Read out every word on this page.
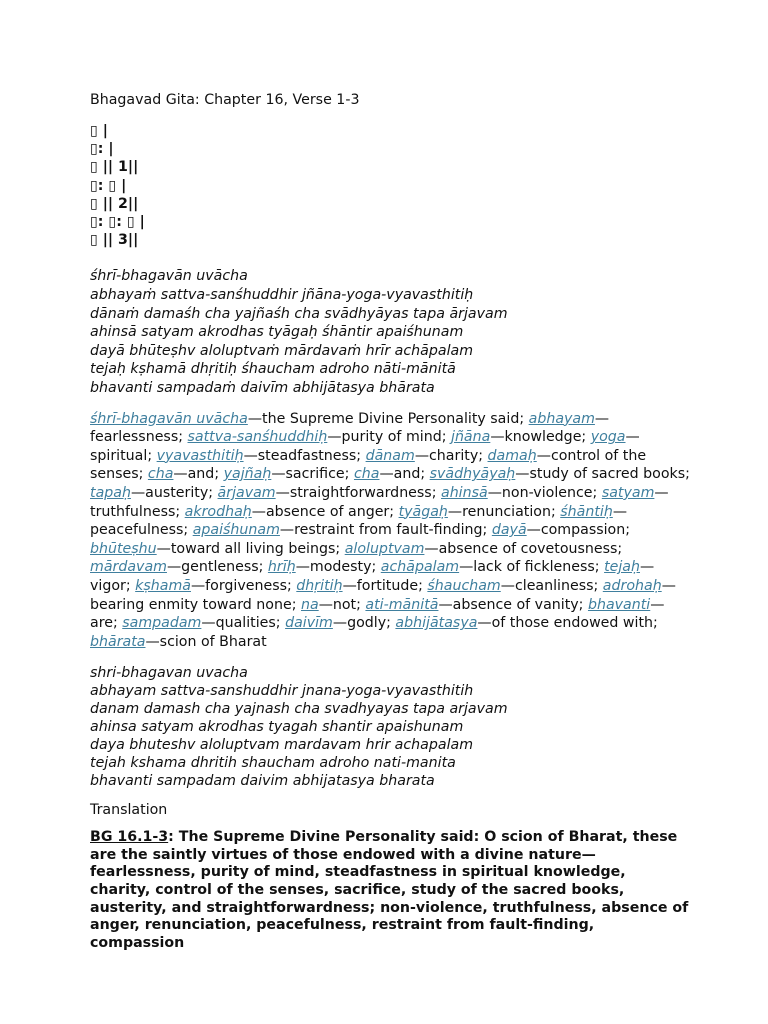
Bhagavad Gita: Chapter 16, Verse 1-3
▯ |
▯: |
▯ || 1||
▯: ▯ |
▯ || 2||
▯: ▯: ▯ |
▯ || 3||
śhrī-bhagavān uvācha
abhayaṁ sattva-sanśhuddhir jñāna-yoga-vyavasthitiḥ
dānaṁ damaśh cha yajñaśh cha svādhyāyas tapa ārjavam
ahinsā satyam akrodhas tyāgaḥ śhāntir apaiśhunam
dayā bhūteṣhv aloluptvaṁ mārdavaṁ hrīr achāpalam
tejaḥ kṣhamā dhṛitiḥ śhaucham adroho nāti-mānitā
bhavanti sampadaṁ daivīm abhijātasya bhārata
śhrī-bhagavān uvācha—the Supreme Divine Personality said; abhayam—fearlessness; sattva-sanśhuddhiḥ—purity of mind; jñāna—knowledge; yoga—spiritual; vyavasthitiḥ—steadfastness; dānam—charity; damaḥ—control of the senses; cha—and; yajñaḥ—sacrifice; cha—and; svādhyāyaḥ—study of sacred books; tapaḥ—austerity; ārjavam—straightforwardness; ahinsā—non-violence; satyam—truthfulness; akrodhaḥ—absence of anger; tyāgaḥ—renunciation; śhāntiḥ—peacefulness; apaiśhunam—restraint from fault-finding; dayā—compassion; bhūteṣhu—toward all living beings; aloluptvam—absence of covetousness; mārdavam—gentleness; hrīḥ—modesty; achāpalam—lack of fickleness; tejaḥ—vigor; kṣhamā—forgiveness; dhṛitiḥ—fortitude; śhaucham—cleanliness; adrohaḥ—bearing enmity toward none; na—not; ati-mānitā—absence of vanity; bhavanti—are; sampadam—qualities; daivīm—godly; abhijātasya—of those endowed with; bhārata—scion of Bharat
shri-bhagavan uvacha
abhayam sattva-sanshuddhir jnana-yoga-vyavasthitih
danam damash cha yajnash cha svadhyayas tapa arjavam
ahinsa satyam akrodhas tyagah shantir apaishunam
daya bhuteshv aloluptvam mardavam hrir achapalam
tejah kshama dhritih shaucham adroho nati-manita
bhavanti sampadam daivim abhijatasya bharata
Translation

BG 16.1-3: The Supreme Divine Personality said: O scion of Bharat, these are the saintly virtues of those endowed with a divine nature—fearlessness, purity of mind, steadfastness in spiritual knowledge, charity, control of the senses, sacrifice, study of the sacred books, austerity, and straightforwardness; non-violence, truthfulness, absence of anger, renunciation, peacefulness, restraint from fault-finding, compassion
